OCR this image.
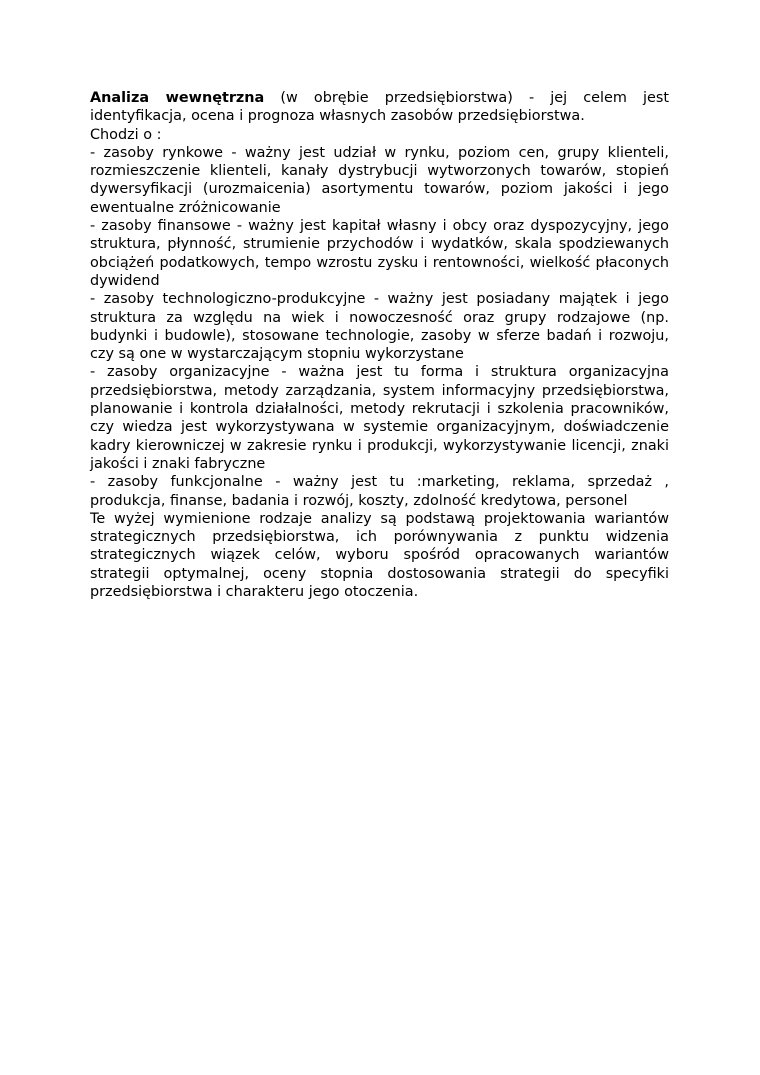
Analiza wewnętrzna (w obrębie przedsiębiorstwa) - jej celem jest identyfikacja, ocena i prognoza własnych zasobów przedsiębiorstwa.

Chodzi o :

- zasoby rynkowe - ważny jest udział w rynku, poziom cen, grupy klienteli, rozmieszczenie klienteli, kanały dystrybucji wytworzonych towarów, stopień dywersyfikacji (urozmaicenia) asortymentu towarów, poziom jakości i jego ewentualne zróżnicowanie

- zasoby finansowe - ważny jest kapitał własny i obcy oraz dyspozycyjny, jego struktura, płynność, strumienie przychodów i wydatków, skala spodziewanych obciążeń podatkowych, tempo wzrostu zysku i rentowności, wielkość płaconych dywidend

- zasoby technologiczno-produkcyjne - ważny jest posiadany majątek i jego struktura za względu na wiek i nowoczesność oraz grupy rodzajowe (np. budynki i budowle), stosowane technologie, zasoby w sferze badań i rozwoju, czy są one w wystarczającym stopniu wykorzystane

- zasoby organizacyjne - ważna jest tu forma i struktura organizacyjna przedsiębiorstwa, metody zarządzania, system informacyjny przedsiębiorstwa, planowanie i kontrola działalności, metody rekrutacji i szkolenia pracowników, czy wiedza jest wykorzystywana w systemie organizacyjnym, doświadczenie kadry kierowniczej w zakresie rynku i produkcji, wykorzystywanie licencji, znaki jakości i znaki fabryczne

- zasoby funkcjonalne - ważny jest tu :marketing, reklama, sprzedaż , produkcja, finanse, badania i rozwój, koszty, zdolność kredytowa, personel

Te wyżej wymienione rodzaje analizy są podstawą projektowania wariantów strategicznych przedsiębiorstwa, ich porównywania z punktu widzenia strategicznych wiązek celów, wyboru spośród opracowanych wariantów strategii optymalnej, oceny stopnia dostosowania strategii do specyfiki przedsiębiorstwa i charakteru jego otoczenia.
